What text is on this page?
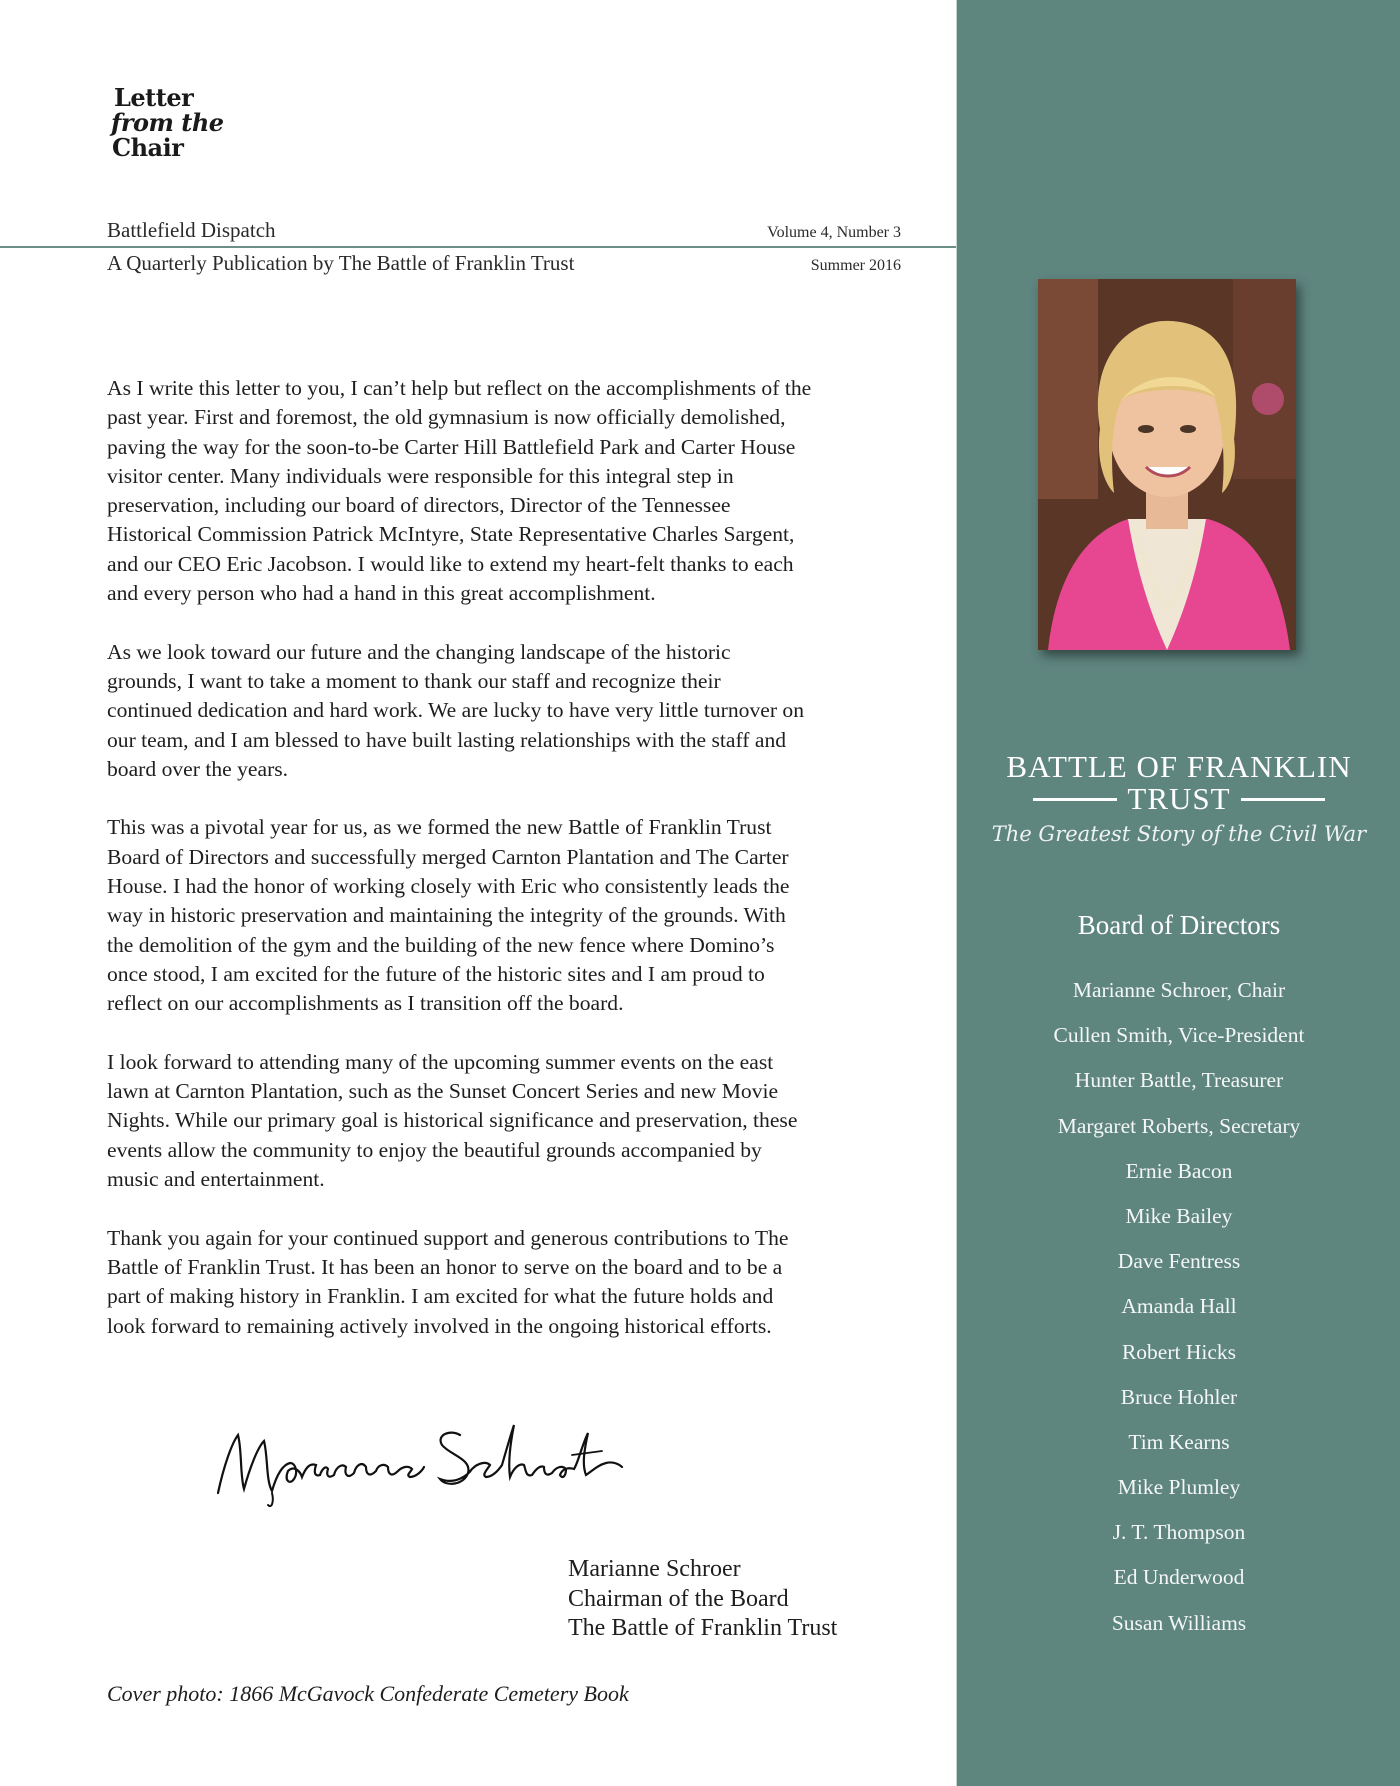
Letter
from the
Chair
Battlefield Dispatch	Volume 4, Number 3
A Quarterly Publication by The Battle of Franklin Trust	Summer 2016

As I write this letter to you, I can’t help but reflect on the accomplishments of the
past year. First and foremost, the old gymnasium is now officially demolished,
paving the way for the soon-to-be Carter Hill Battlefield Park and Carter House
visitor center. Many individuals were responsible for this integral step in
preservation, including our board of directors, Director of the Tennessee
Historical Commission Patrick McIntyre, State Representative Charles Sargent,
and our CEO Eric Jacobson. I would like to extend my heart-felt thanks to each
and every person who had a hand in this great accomplishment.

As we look toward our future and the changing landscape of the historic
grounds, I want to take a moment to thank our staff and recognize their
continued dedication and hard work. We are lucky to have very little turnover on
our team, and I am blessed to have built lasting relationships with the staff and
board over the years.

This was a pivotal year for us, as we formed the new Battle of Franklin Trust
Board of Directors and successfully merged Carnton Plantation and The Carter
House. I had the honor of working closely with Eric who consistently leads the
way in historic preservation and maintaining the integrity of the grounds. With
the demolition of the gym and the building of the new fence where Domino’s
once stood, I am excited for the future of the historic sites and I am proud to
reflect on our accomplishments as I transition off the board.

I look forward to attending many of the upcoming summer events on the east
lawn at Carnton Plantation, such as the Sunset Concert Series and new Movie
Nights. While our primary goal is historical significance and preservation, these
events allow the community to enjoy the beautiful grounds accompanied by
music and entertainment.

Thank you again for your continued support and generous contributions to The
Battle of Franklin Trust. It has been an honor to serve on the board and to be a
part of making history in Franklin. I am excited for what the future holds and
look forward to remaining actively involved in the ongoing historical efforts.

Marianne Schroer
Chairman of the Board
The Battle of Franklin Trust
Cover photo: 1866 McGavock Confederate Cemetery Book
BATTLE OF FRANKLIN
TRUST
The Greatest Story of the Civil War
Board of Directors
Marianne Schroer, Chair
Cullen Smith, Vice-President
Hunter Battle, Treasurer
Margaret Roberts, Secretary
Ernie Bacon
Mike Bailey
Dave Fentress
Amanda Hall
Robert Hicks
Bruce Hohler
Tim Kearns
Mike Plumley
J. T. Thompson
Ed Underwood
Susan Williams
